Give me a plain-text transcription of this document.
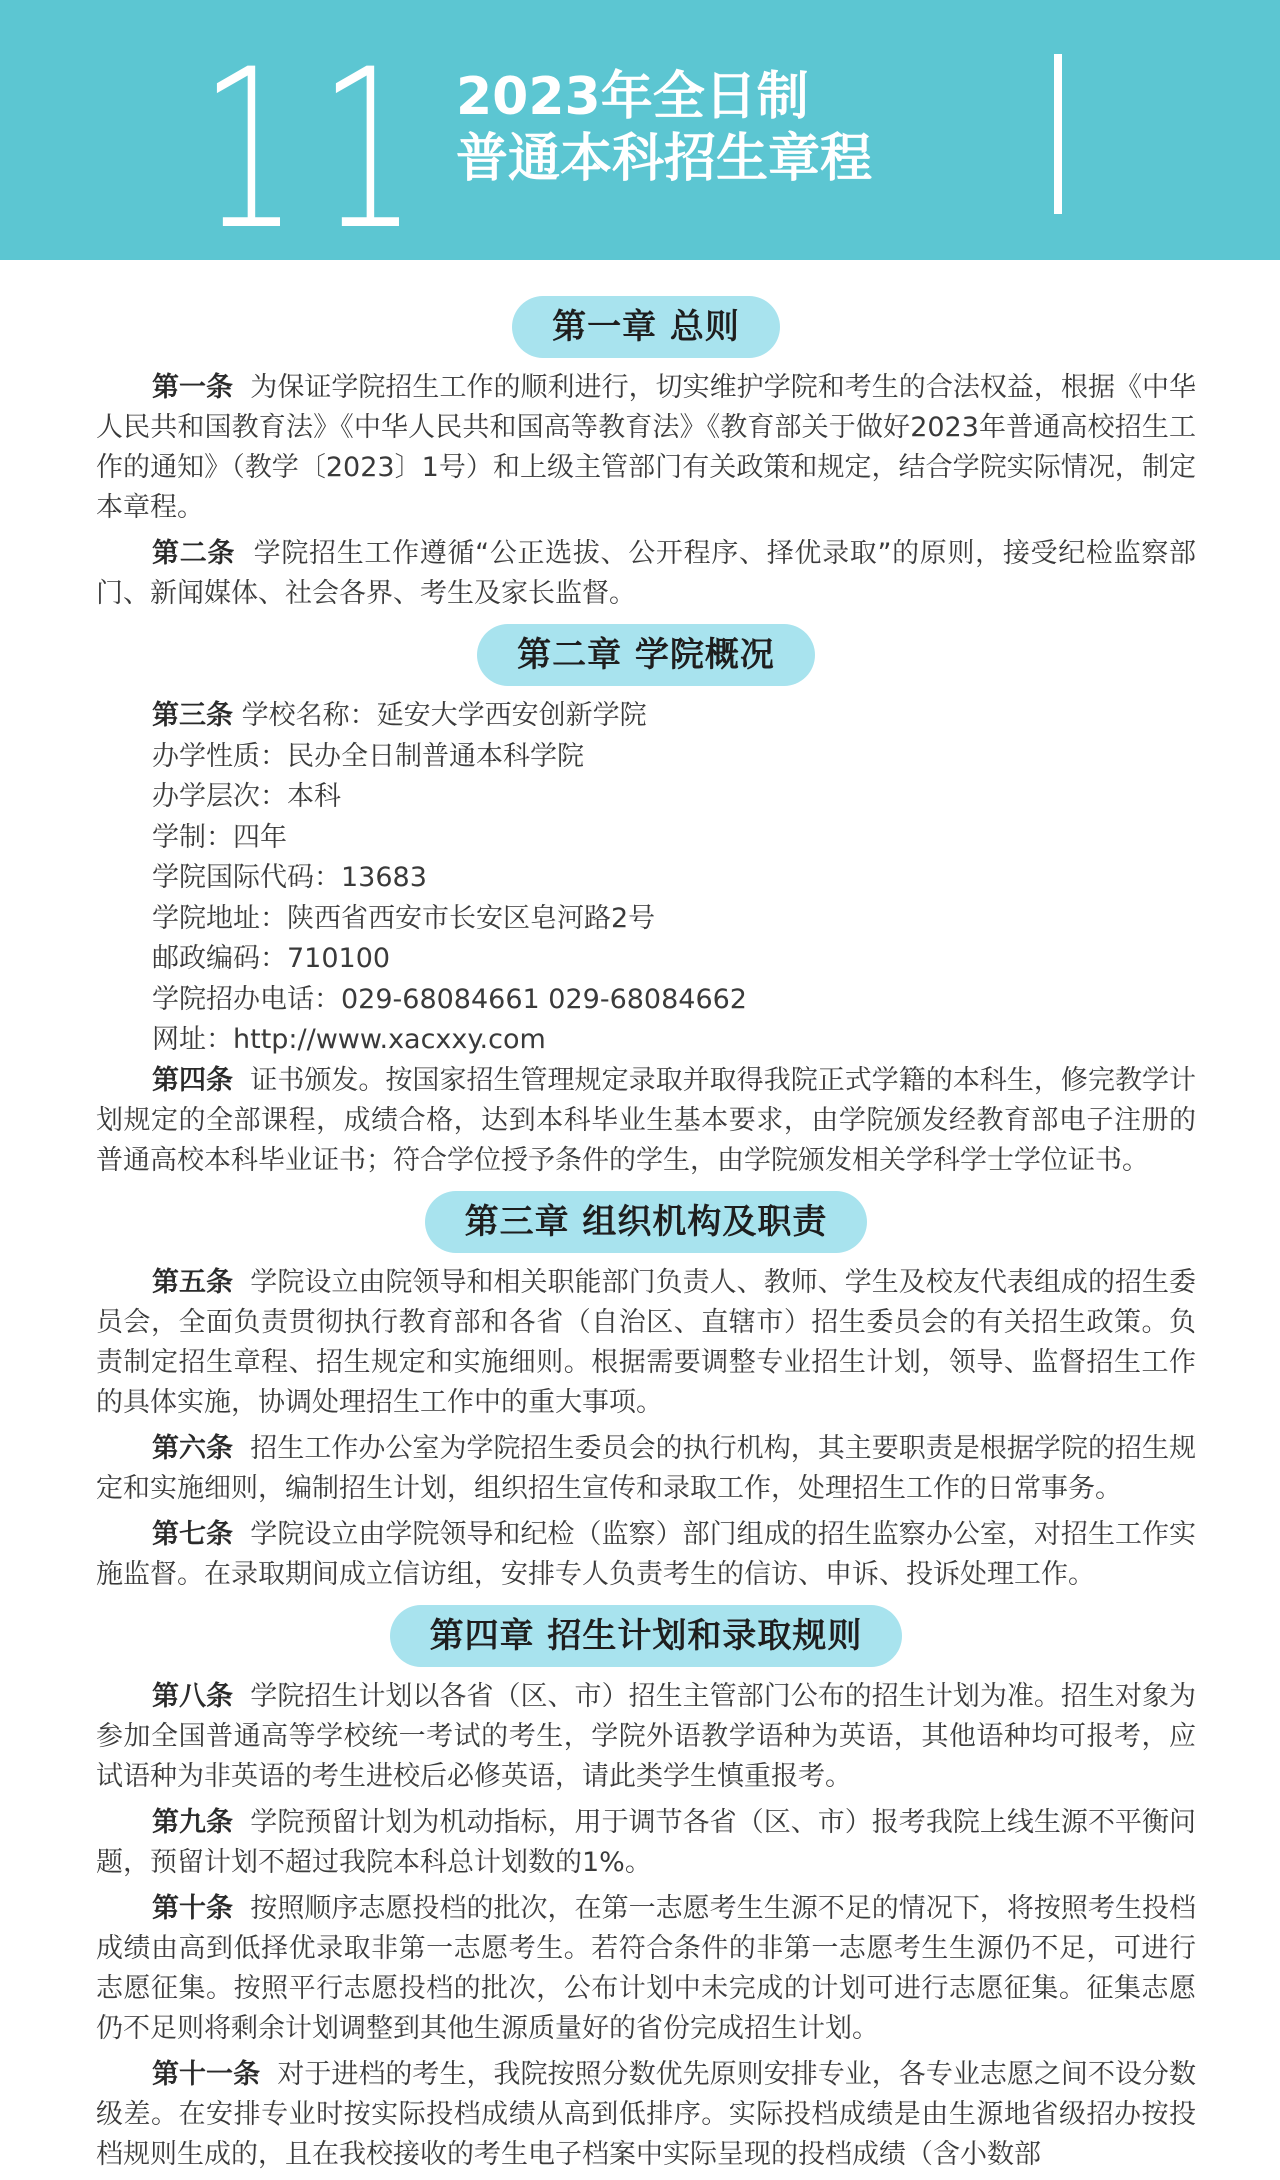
11 2023年全日制
普通本科招生章程
第一章 总则

第一条 为保证学院招生工作的顺利进行，切实维护学院和考生的合法权益，根据《中华人民共和国教育法》《中华人民共和国高等教育法》《教育部关于做好2023年普通高校招生工作的通知》（教学〔2023〕1号）和上级主管部门有关政策和规定，结合学院实际情况，制定本章程。

第二条 学院招生工作遵循“公正选拔、公开程序、择优录取”的原则，接受纪检监察部门、新闻媒体、社会各界、考生及家长监督。

第二章 学院概况
第三条 学校名称：延安大学西安创新学院
办学性质：民办全日制普通本科学院
办学层次：本科
学制：四年
学院国际代码：13683
学院地址：陕西省西安市长安区皂河路2号
邮政编码：710100
学院招办电话：029-68084661 029-68084662
网址：http://www.xacxxy.com

第四条 证书颁发。按国家招生管理规定录取并取得我院正式学籍的本科生，修完教学计划规定的全部课程，成绩合格，达到本科毕业生基本要求，由学院颁发经教育部电子注册的普通高校本科毕业证书；符合学位授予条件的学生，由学院颁发相关学科学士学位证书。

第三章 组织机构及职责

第五条 学院设立由院领导和相关职能部门负责人、教师、学生及校友代表组成的招生委员会，全面负责贯彻执行教育部和各省（自治区、直辖市）招生委员会的有关招生政策。负责制定招生章程、招生规定和实施细则。根据需要调整专业招生计划，领导、监督招生工作的具体实施，协调处理招生工作中的重大事项。

第六条 招生工作办公室为学院招生委员会的执行机构，其主要职责是根据学院的招生规定和实施细则，编制招生计划，组织招生宣传和录取工作，处理招生工作的日常事务。

第七条 学院设立由学院领导和纪检（监察）部门组成的招生监察办公室，对招生工作实施监督。在录取期间成立信访组，安排专人负责考生的信访、申诉、投诉处理工作。

第四章 招生计划和录取规则

第八条 学院招生计划以各省（区、市）招生主管部门公布的招生计划为准。招生对象为参加全国普通高等学校统一考试的考生，学院外语教学语种为英语，其他语种均可报考，应试语种为非英语的考生进校后必修英语，请此类学生慎重报考。

第九条 学院预留计划为机动指标，用于调节各省（区、市）报考我院上线生源不平衡问题，预留计划不超过我院本科总计划数的1%。

第十条 按照顺序志愿投档的批次，在第一志愿考生生源不足的情况下，将按照考生投档成绩由高到低择优录取非第一志愿考生。若符合条件的非第一志愿考生生源仍不足，可进行志愿征集。按照平行志愿投档的批次，公布计划中未完成的计划可进行志愿征集。征集志愿仍不足则将剩余计划调整到其他生源质量好的省份完成招生计划。

第十一条 对于进档的考生，我院按照分数优先原则安排专业，各专业志愿之间不设分数级差。在安排专业时按实际投档成绩从高到低排序。实际投档成绩是由生源地省级招办按投档规则生成的，且在我校接收的考生电子档案中实际呈现的投档成绩（含小数部
